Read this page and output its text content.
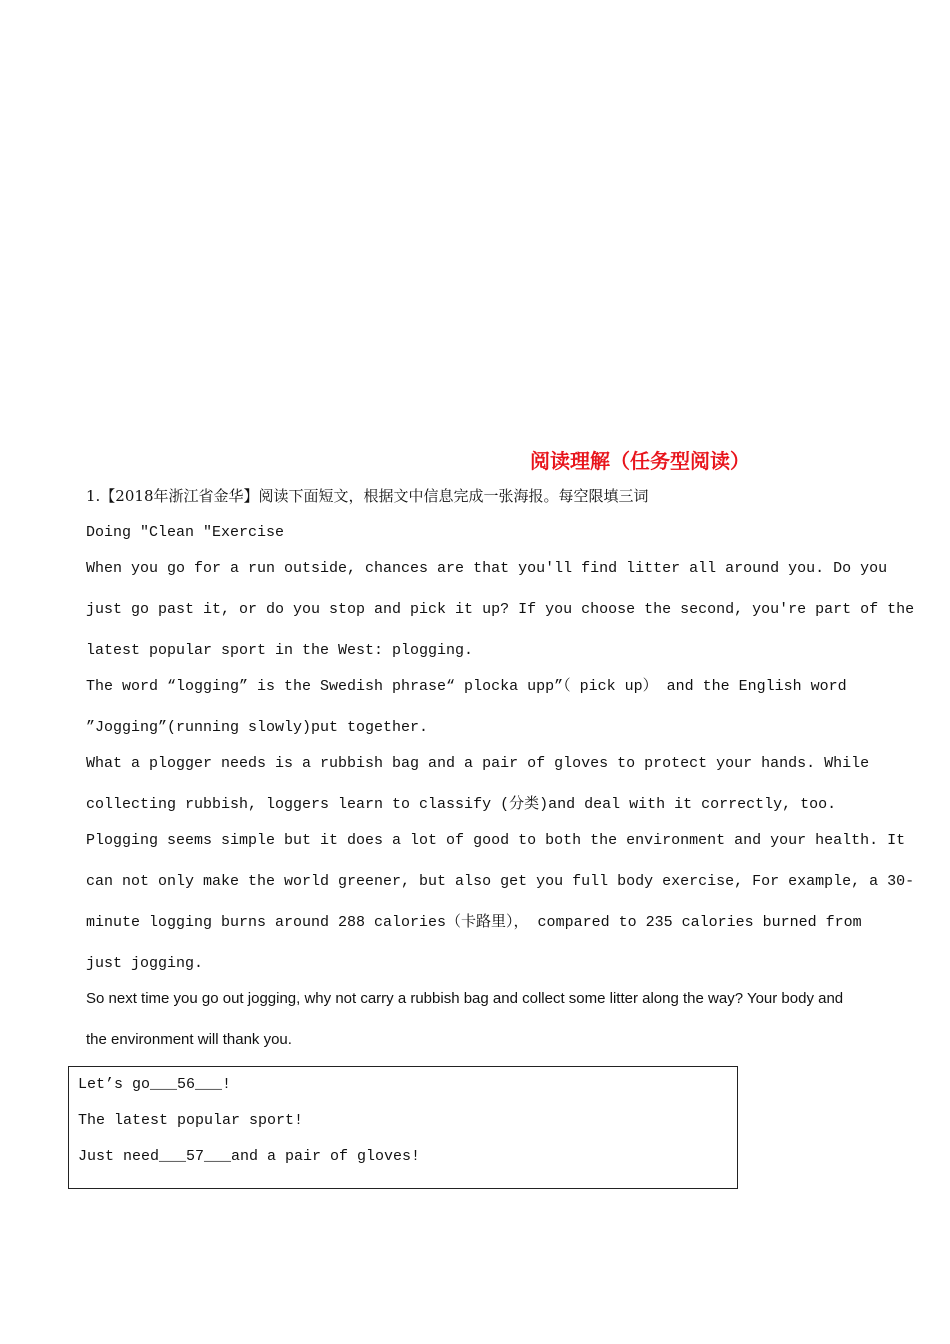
阅读理解（任务型阅读）
1.【2018年浙江省金华】阅读下面短文，根据文中信息完成一张海报。每空限填三词
Doing "Clean "Exercise
When you go for a run outside, chances are that you'll find litter all around you. Do you
just go past it, or do you stop and pick it up? If you choose the second, you're part of the
latest popular sport in the West: plogging.
The word “logging” is the Swedish phrase“ plocka upp”（ pick up） and the English word
”Jogging”(running slowly)put together.
What a plogger needs is a rubbish bag and a pair of gloves to protect your hands. While
collecting rubbish, loggers learn to classify (分类)and deal with it correctly, too.
Plogging seems simple but it does a lot of good to both the environment and your health. It
can not only make the world greener, but also get you full body exercise, For example, a 30-
minute logging burns around 288 calories（卡路里）， compared to 235 calories burned from
just jogging.
So next time you go out jogging, why not carry a rubbish bag and collect some litter along the way? Your body and
the environment will thank you.
Let’s go___56___!
The latest popular sport!
Just need___57___and a pair of gloves!
